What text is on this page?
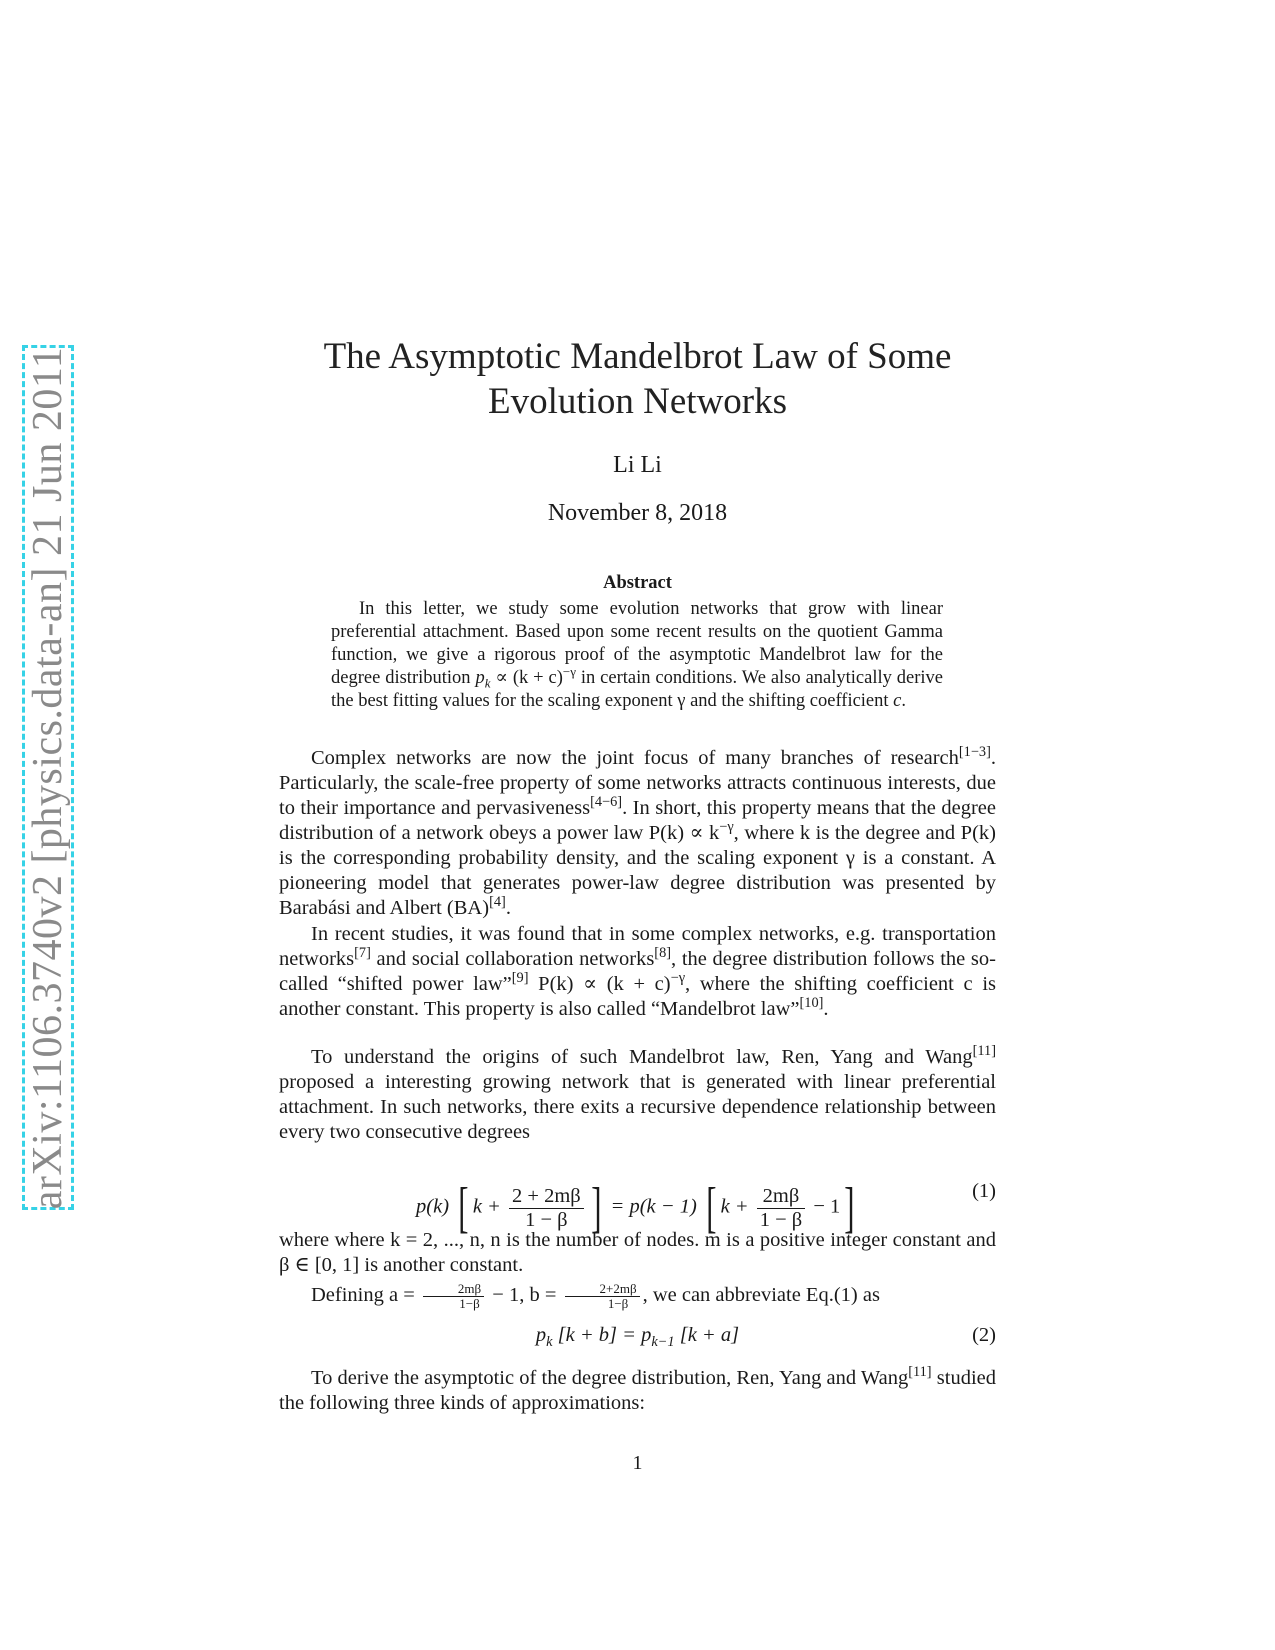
arXiv:1106.3740v2 [physics.data-an] 21 Jun 2011	The Asymptotic Mandelbrot Law of Some
Evolution Networks
Li Li
November 8, 2018
Abstract
In this letter, we study some evolution networks that grow with linear preferential attachment. Based upon some recent results on the quotient Gamma function, we give a rigorous proof of the asymptotic Mandelbrot law for the degree distribution $p_k \propto (k + c)^{-\gamma}$ in certain conditions. We also analytically derive the best fitting values for the scaling exponent γ and the shifting coefficient c.

Complex networks are now the joint focus of many branches of research[1−3]. Particularly, the scale-free property of some networks attracts continuous interests, due to their importance and pervasiveness[4−6]. In short, this property means that the degree distribution of a network obeys a power law $P(k) \propto k^{-\gamma}$, where k is the degree and P(k) is the corresponding probability density, and the scaling exponent γ is a constant. A pioneering model that generates power-law degree distribution was presented by Barabási and Albert (BA)[4].

In recent studies, it was found that in some complex networks, e.g. transportation networks[7] and social collaboration networks[8], the degree distribution follows the so-called “shifted power law”[9] $P(k) \propto (k + c)^{-\gamma}$, where the shifting coefficient c is another constant. This property is also called “Mandelbrot law”[10].

To understand the origins of such Mandelbrot law, Ren, Yang and Wang[11] proposed a interesting growing network that is generated with linear preferential attachment. In such networks, there exits a recursive dependence relationship between every two consecutive degrees

p(k) [ $k + \frac{2 + 2m\beta}{1 - \beta}$ ] = p(k − 1) [ $k + \frac{2m\beta}{1 - \beta} - 1$]	(1)

where where k = 2, ..., n, n is the number of nodes. m is a positive integer constant and β ∈ [0, 1] is another constant.

Defining $a = \frac{2m\beta}{1-\beta} - 1$, $b = \frac{2+2m\beta}{1-\beta}$ , we can abbreviate Eq.(1) as

$p_k$ $[k + b] = p_{k-1}$ [k + a]	(2)

To derive the asymptotic of the degree distribution, Ren, Yang and Wang[11] studied the following three kinds of approximations:

1
